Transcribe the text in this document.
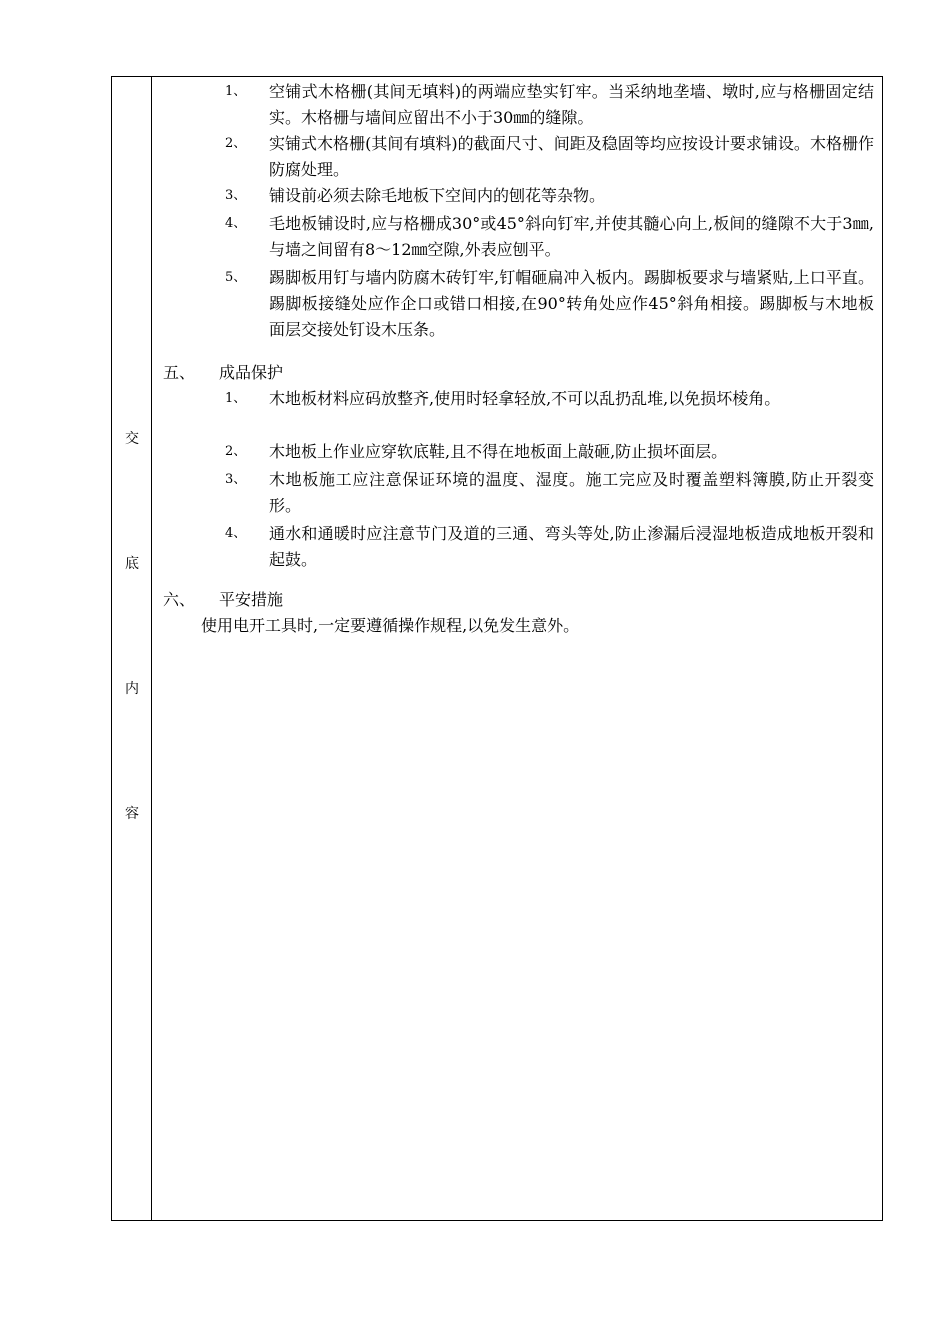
交
底
内
容
1、 空铺式木格栅(其间无填料)的两端应垫实钉牢。当采纳地垄墙、墩时,应与格栅固定结实。木格栅与墙间应留出不小于30㎜的缝隙。
2、 实铺式木格栅(其间有填料)的截面尺寸、间距及稳固等均应按设计要求铺设。木格栅作防腐处理。
3、 铺设前必须去除毛地板下空间内的刨花等杂物。
4、 毛地板铺设时,应与格栅成30°或45°斜向钉牢,并使其髓心向上,板间的缝隙不大于3㎜,与墙之间留有8～12㎜空隙,外表应刨平。
5、 踢脚板用钉与墙内防腐木砖钉牢,钉帽砸扁冲入板内。踢脚板要求与墙紧贴,上口平直。踢脚板接缝处应作企口或错口相接,在90°转角处应作45°斜角相接。踢脚板与木地板面层交接处钉设木压条。
五、 成品保护
1、 木地板材料应码放整齐,使用时轻拿轻放,不可以乱扔乱堆,以免损坏棱角。
2、 木地板上作业应穿软底鞋,且不得在地板面上敲砸,防止损坏面层。
3、 木地板施工应注意保证环境的温度、湿度。施工完应及时覆盖塑料簿膜,防止开裂变形。
4、 通水和通暖时应注意节门及道的三通、弯头等处,防止渗漏后浸湿地板造成地板开裂和起鼓。
六、 平安措施
使用电开工具时,一定要遵循操作规程,以免发生意外。
